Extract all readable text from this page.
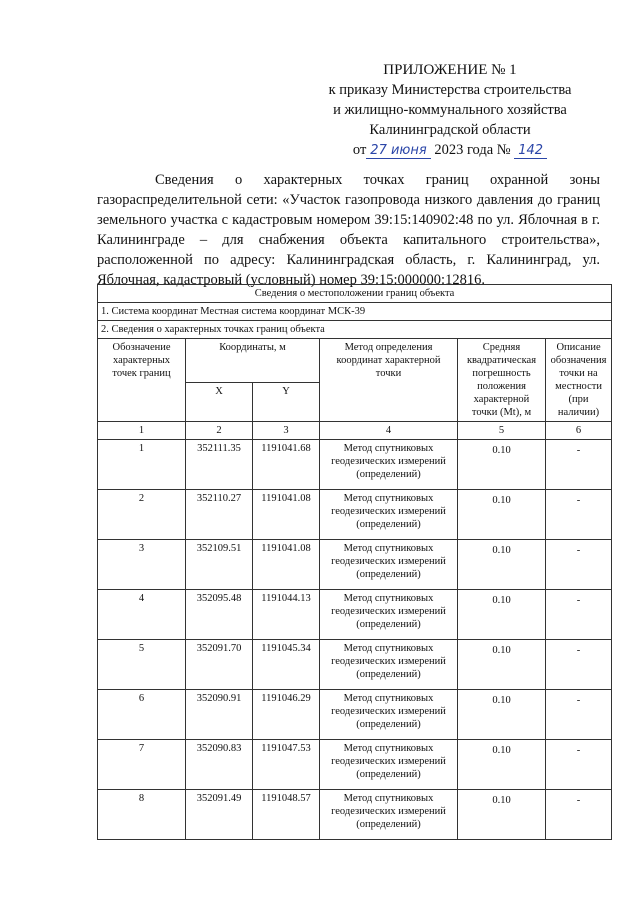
ПРИЛОЖЕНИЕ № 1
к приказу Министерства строительства
и жилищно-коммунального хозяйства
Калининградской области
от 27 июня 2023 года № 142
Сведения о характерных точках границ охранной зоны газораспределительной сети: «Участок газопровода низкого давления до границ земельного участка с кадастровым номером 39:15:140902:48 по ул. Яблочная в г. Калининграде – для снабжения объекта капитального строительства», расположенной по адресу: Калининградская область, г. Калининград, ул. Яблочная, кадастровый (условный) номер 39:15:000000:12816.
Сведения о местоположении границ объекта					
1. Система координат Местная система координат МСК-39					
2. Сведения о характерных точках границ объекта					
Обозначение характерных точек границ	Координаты, м		Метод определения координат характерной точки	Средняя квадратическая погрешность положения характерной точки (Mt), м	Описание обозначения точки на местности (при наличии)
	X	Y			
1	2	3	4	5	6
1	352111.35	1191041.68	Метод спутниковых геодезических измерений (определений)	0.10	-
2	352110.27	1191041.08	Метод спутниковых геодезических измерений (определений)	0.10	-
3	352109.51	1191041.08	Метод спутниковых геодезических измерений (определений)	0.10	-
4	352095.48	1191044.13	Метод спутниковых геодезических измерений (определений)	0.10	-
5	352091.70	1191045.34	Метод спутниковых геодезических измерений (определений)	0.10	-
6	352090.91	1191046.29	Метод спутниковых геодезических измерений (определений)	0.10	-
7	352090.83	1191047.53	Метод спутниковых геодезических измерений (определений)	0.10	-
8	352091.49	1191048.57	Метод спутниковых геодезических измерений (определений)	0.10	-
